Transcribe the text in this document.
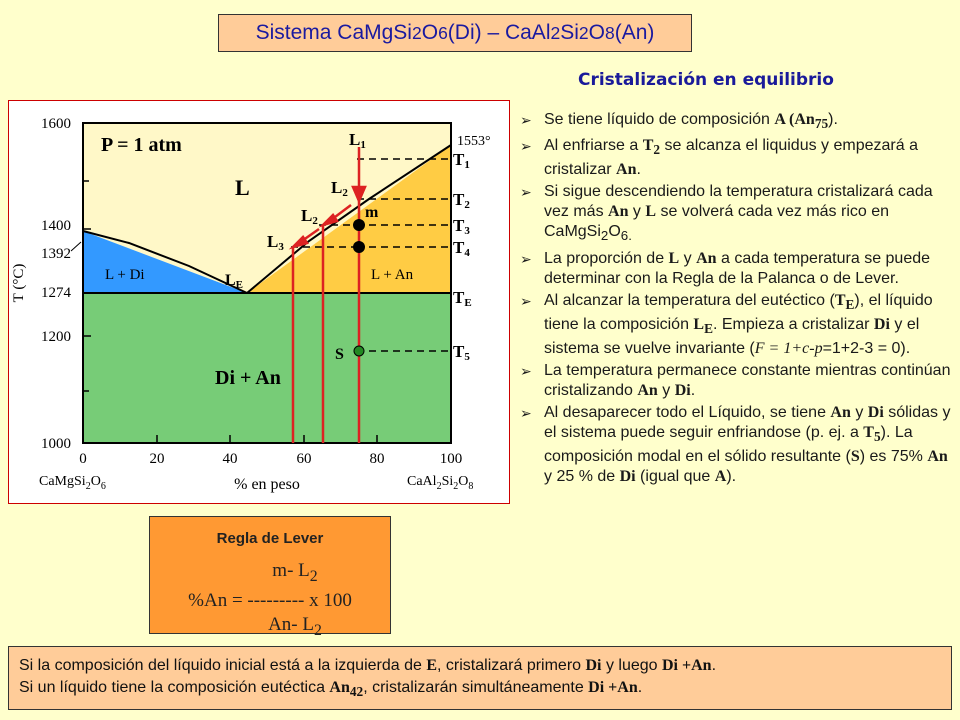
Sistema CaMgSi 2 O 6 (Di) – CaAl 2 Si 2 O 8 (An)
Cristalización en equilibrio
1600
1400
1392
1274
1200
1000
T (°C)
0	20	40	60	80	100
% en peso
$CaMgSi_2O_6$	$CaAl_2Si_2O_8$
P = 1 atm	1553°
L
L + Di	L + An
Di + An
LE
m
S
L1
L2
L2
L3
T1
T2
T3
T4
TE
T5
➢ Se tiene líquido de composición A $(An_{75})$.
➢ Al enfriarse a $T_2$ se alcanza el liquidus y empezará a cristalizar An.
➢ Si sigue descendiendo la temperatura cristalizará cada vez más An y L se volverá cada vez más rico en $CaMgSi_2O_{6.}$
➢ La proporción de L y An a cada temperatura se puede determinar con la Regla de la Palanca o de Lever.
➢ Al alcanzar la temperatura del eutéctico $(T_E)$, el líquido tiene la composición $L_E$. Empieza a cristalizar Di y el sistema se vuelve invariante (F = 1+c-p=1+2-3 = 0).
➢ La temperatura permanece constante mientras continúan cristalizando An y Di.
➢ Al desaparecer todo el Líquido, se tiene An y Di sólidas y el sistema puede seguir enfriandose (p. ej. a $T_5$). La composición modal en el sólido resultante (S) es 75% An y 25 % de Di (igual que A).
Regla de Lever
m- $L_2$
%An = --------- x 100
An- $L_2$
Si la composición del líquido inicial está a la izquierda de E, cristalizará primero Di y luego Di +An.
Si un líquido tiene la composición eutéctica $An_{42}$, cristalizarán simultáneamente Di +An.
